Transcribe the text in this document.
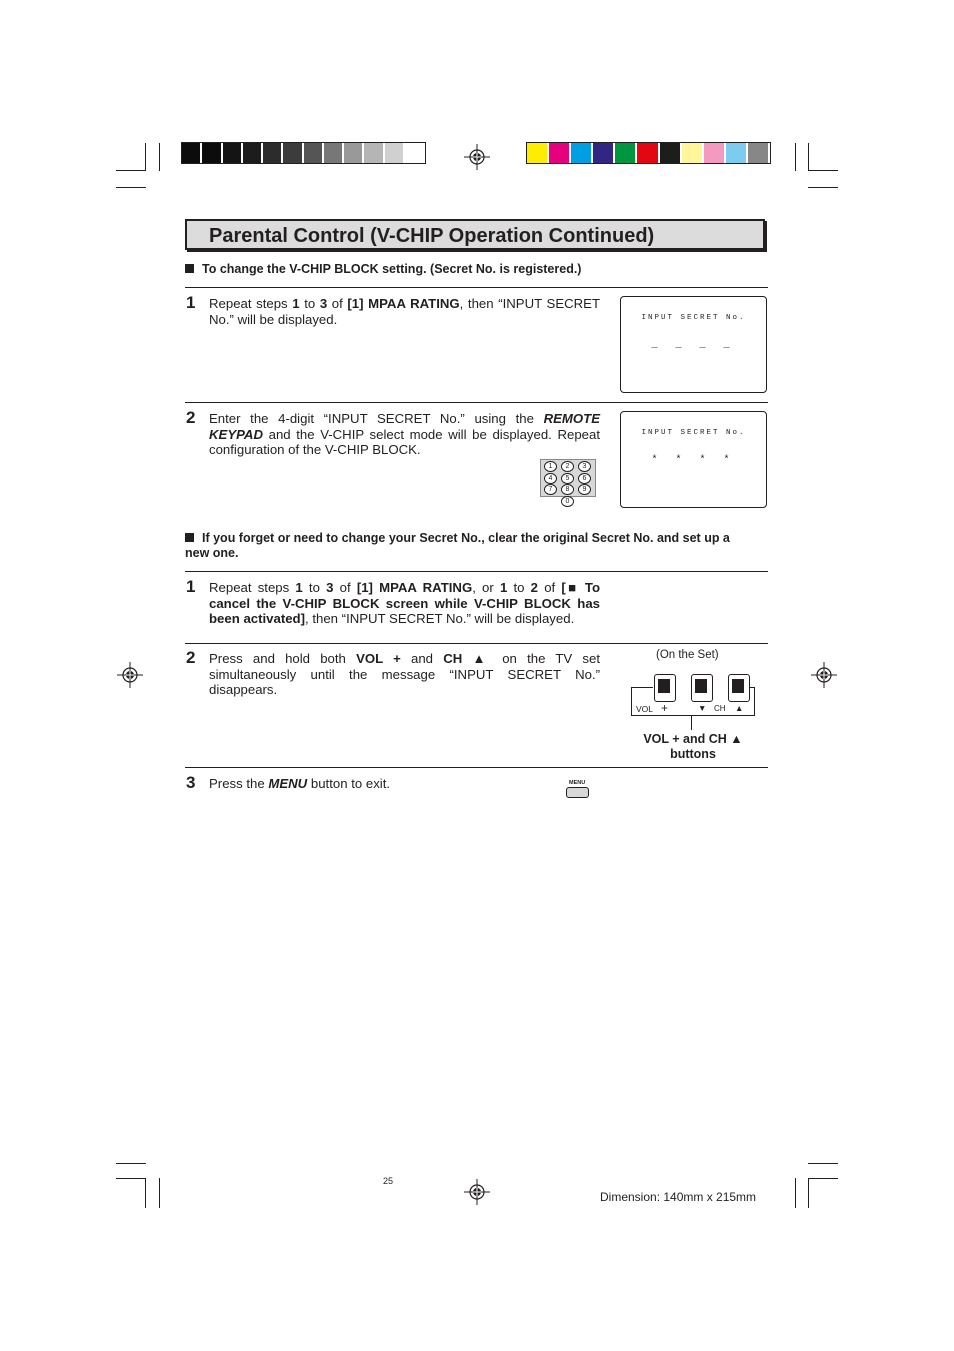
Parental Control (V-CHIP Operation Continued)
To change the V-CHIP BLOCK setting. (Secret No. is registered.)
1 Repeat steps 1 to 3 of [1] MPAA RATING, then “INPUT SECRET No.” will be displayed.	INPUT SECRET No.
_ _ _ _
2 Enter the 4-digit “INPUT SECRET No.” using the REMOTE KEYPAD and the V-CHIP select mode will be displayed. Repeat configuration of the V-CHIP BLOCK.
1	2	3
4	5	6
7	8	9
0
INPUT SECRET No.
* * * *
If you forget or need to change your Secret No., clear the original Secret No. and set up a new one.
1 Repeat steps 1 to 3 of [1] MPAA RATING, or 1 to 2 of [■ To cancel the V-CHIP BLOCK screen while V-CHIP BLOCK has been activated], then “INPUT SECRET No.” will be displayed.
2 Press and hold both VOL + and CH ▲ on the TV set simultaneously until the message “INPUT SECRET No.” disappears.
(On the Set)
VOL +	▼ CH ▲
VOL + and CH ▲
buttons
3 Press the MENU button to exit.	MENU
25
Dimension: 140mm x 215mm
